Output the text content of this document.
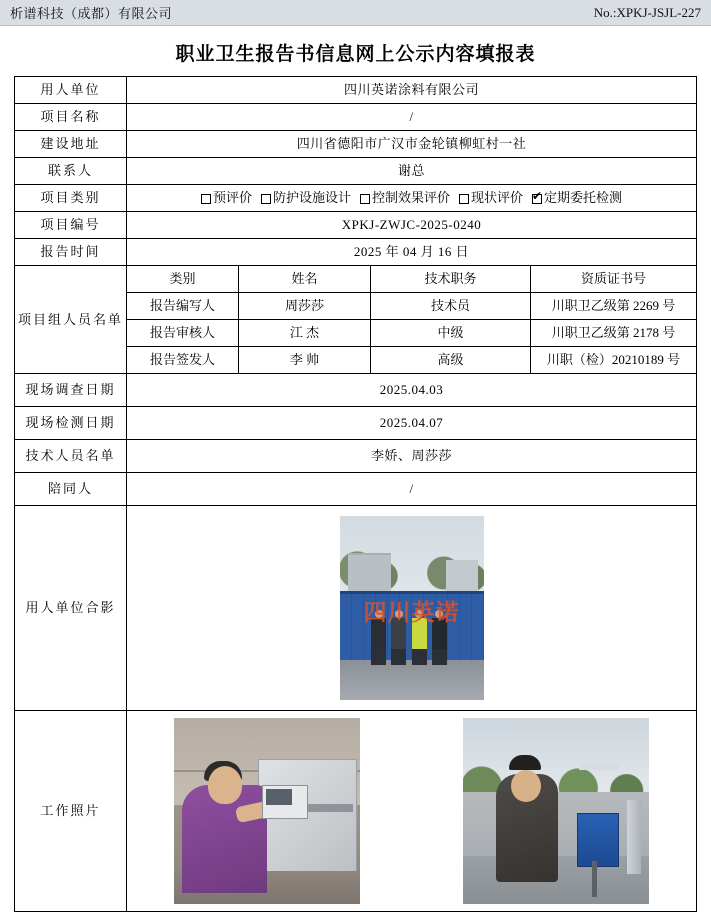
析谱科技（成都）有限公司	No.:XPKJ-JSJL-227
职业卫生报告书信息网上公示内容填报表
用人单位	四川英诺涂料有限公司			
项目名称	/			
建设地址	四川省德阳市广汉市金轮镇柳虹村一社			
联系人	谢总			
项目类别	预评价 防护设施设计 控制效果评价 现状评价 ✔ 定期委托检测

项目编号	XPKJ-ZWJC-2025-0240			
报告时间	2025 年 04 月 16 日			
项目组人员名单	类别	姓名	技术职务	资质证书号
	报告编写人	周莎莎	技术员	川职卫乙级第 2269 号
	报告审核人	江 杰	中级	川职卫乙级第 2178 号
	报告签发人	李 帅	高级	川职（检）20210189 号
现场调查日期	2025.04.03			
现场检测日期	2025.04.07			
技术人员名单	李娇、周莎莎			
陪同人	/			
用人单位合影	四川英诺			

工作照片				
